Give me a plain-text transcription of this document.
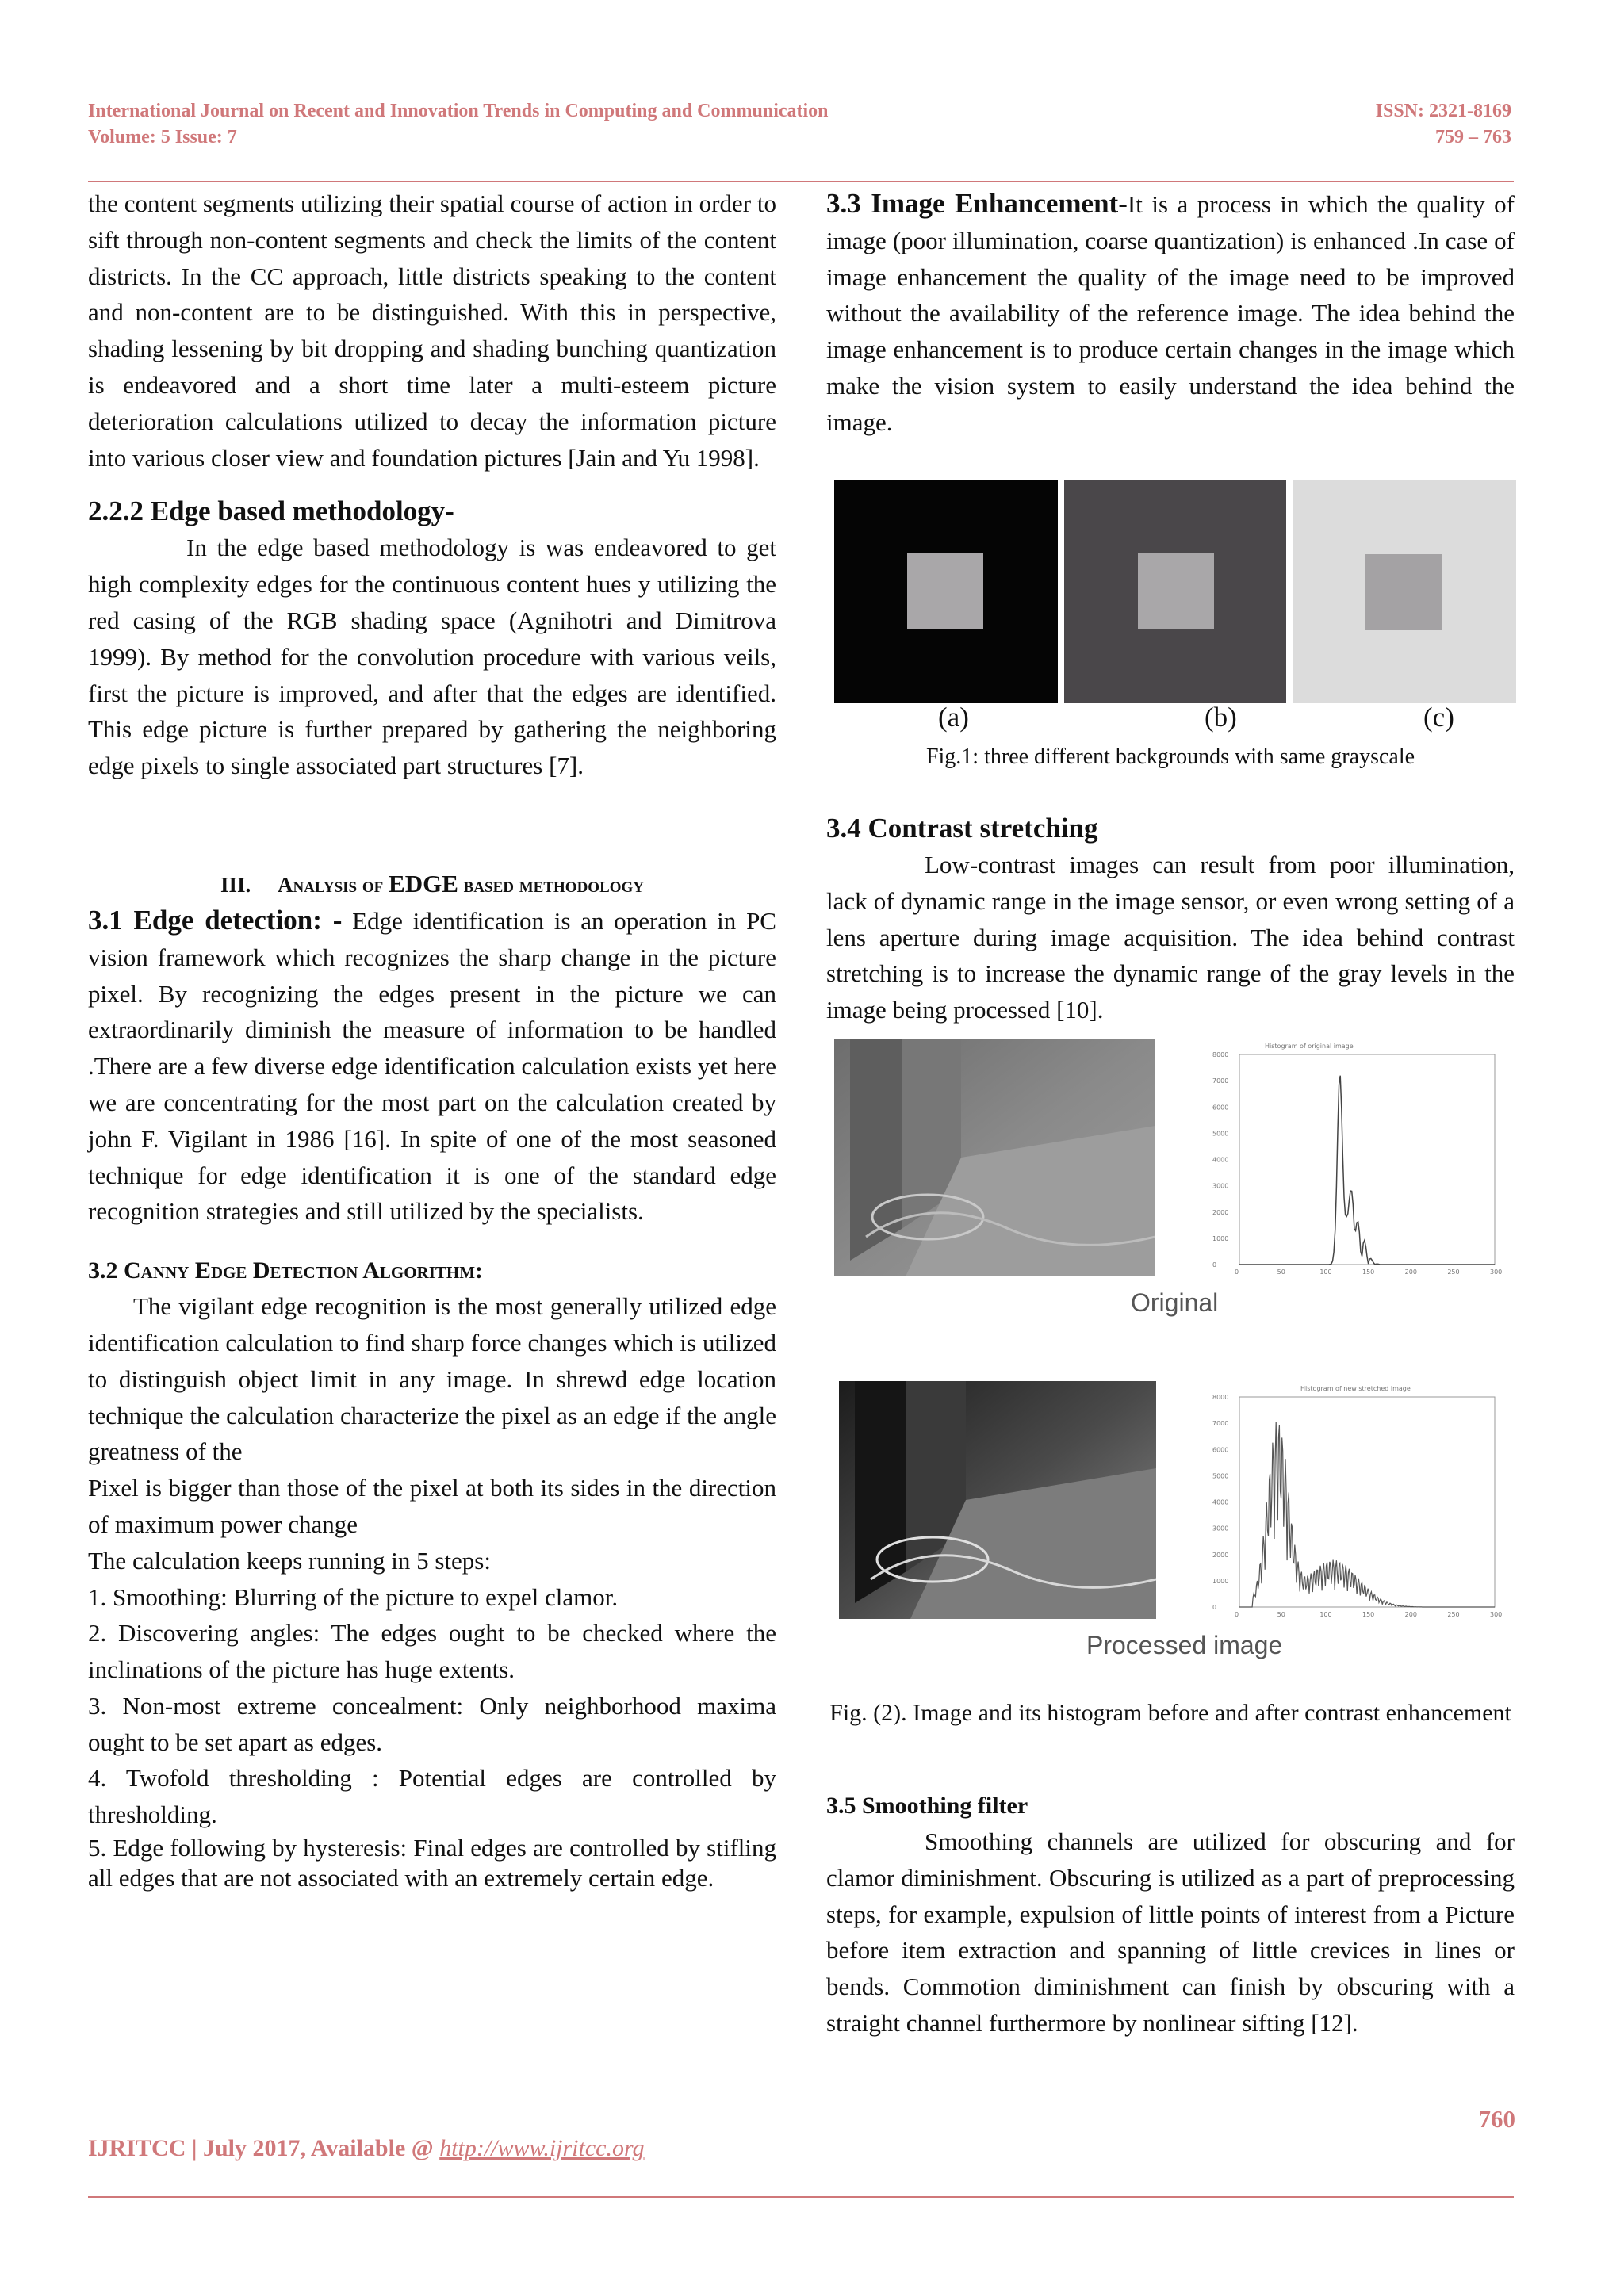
International Journal on Recent and Innovation Trends in Computing and Communication
Volume: 5 Issue: 7
ISSN: 2321-8169
759 – 763

the content segments utilizing their spatial course of action in order to sift through non-content segments and check the limits of the content districts. In the CC approach, little districts speaking to the content and non-content are to be distinguished. With this in perspective, shading lessening by bit dropping and shading bunching quantization is endeavored and a short time later a multi-esteem picture deterioration calculations utilized to decay the information picture into various closer view and foundation pictures [Jain and Yu 1998].

2.2.2 Edge based methodology-

In the edge based methodology is was endeavored to get high complexity edges for the continuous content hues y utilizing the red casing of the RGB shading space (Agnihotri and Dimitrova 1999). By method for the convolution procedure with various veils, first the picture is improved, and after that the edges are identified. This edge picture is further prepared by gathering the neighboring edge pixels to single associated part structures [7].

III. Analysis of EDGE based methodology

3.1 Edge detection: - Edge identification is an operation in PC vision framework which recognizes the sharp change in the picture pixel. By recognizing the edges present in the picture we can extraordinarily diminish the measure of information to be handled .There are a few diverse edge identification calculation exists yet here we are concentrating for the most part on the calculation created by john F. Vigilant in 1986 [16]. In spite of one of the most seasoned technique for edge identification it is one of the standard edge recognition strategies and still utilized by the specialists.

3.2 Canny Edge Detection Algorithm:

The vigilant edge recognition is the most generally utilized edge identification calculation to find sharp force changes which is utilized to distinguish object limit in any image. In shrewd edge location technique the calculation characterize the pixel as an edge if the angle greatness of the

Pixel is bigger than those of the pixel at both its sides in the direction of maximum power change

The calculation keeps running in 5 steps:

1. Smoothing: Blurring of the picture to expel clamor.

2. Discovering angles: The edges ought to be checked where the inclinations of the picture has huge extents.

3. Non-most extreme concealment: Only neighborhood maxima ought to be set apart as edges.

4. Twofold thresholding : Potential edges are controlled by thresholding.

5. Edge following by hysteresis: Final edges are controlled by stifling all edges that are not associated with an extremely certain edge.

3.3 Image Enhancement-It is a process in which the quality of image (poor illumination, coarse quantization) is enhanced .In case of image enhancement the quality of the image need to be improved without the availability of the reference image. The idea behind the image enhancement is to produce certain changes in the image which make the vision system to easily understand the idea behind the image.

(a)	(b)	(c)
Fig.1: three different backgrounds with same grayscale

3.4 Contrast stretching

Low-contrast images can result from poor illumination, lack of dynamic range in the image sensor, or even wrong setting of a lens aperture during image acquisition. The idea behind contrast stretching is to increase the dynamic range of the gray levels in the image being processed [10].

Histogram of original image
8000
7000
6000
5000
4000
3000
2000
1000
0
0	50	100	150	200	250	300
Original
Histogram of new stretched image
8000
7000
6000
5000
4000
3000
2000
1000
0
0	50	100	150	200	250	300
Processed image
Fig. (2). Image and its histogram before and after contrast enhancement

3.5 Smoothing filter

Smoothing channels are utilized for obscuring and for clamor diminishment. Obscuring is utilized as a part of preprocessing steps, for example, expulsion of little points of interest from a Picture before item extraction and spanning of little crevices in lines or bends. Commotion diminishment can finish by obscuring with a straight channel furthermore by nonlinear sifting [12].

760
IJRITCC | July 2017, Available @ http://www.ijritcc.org
